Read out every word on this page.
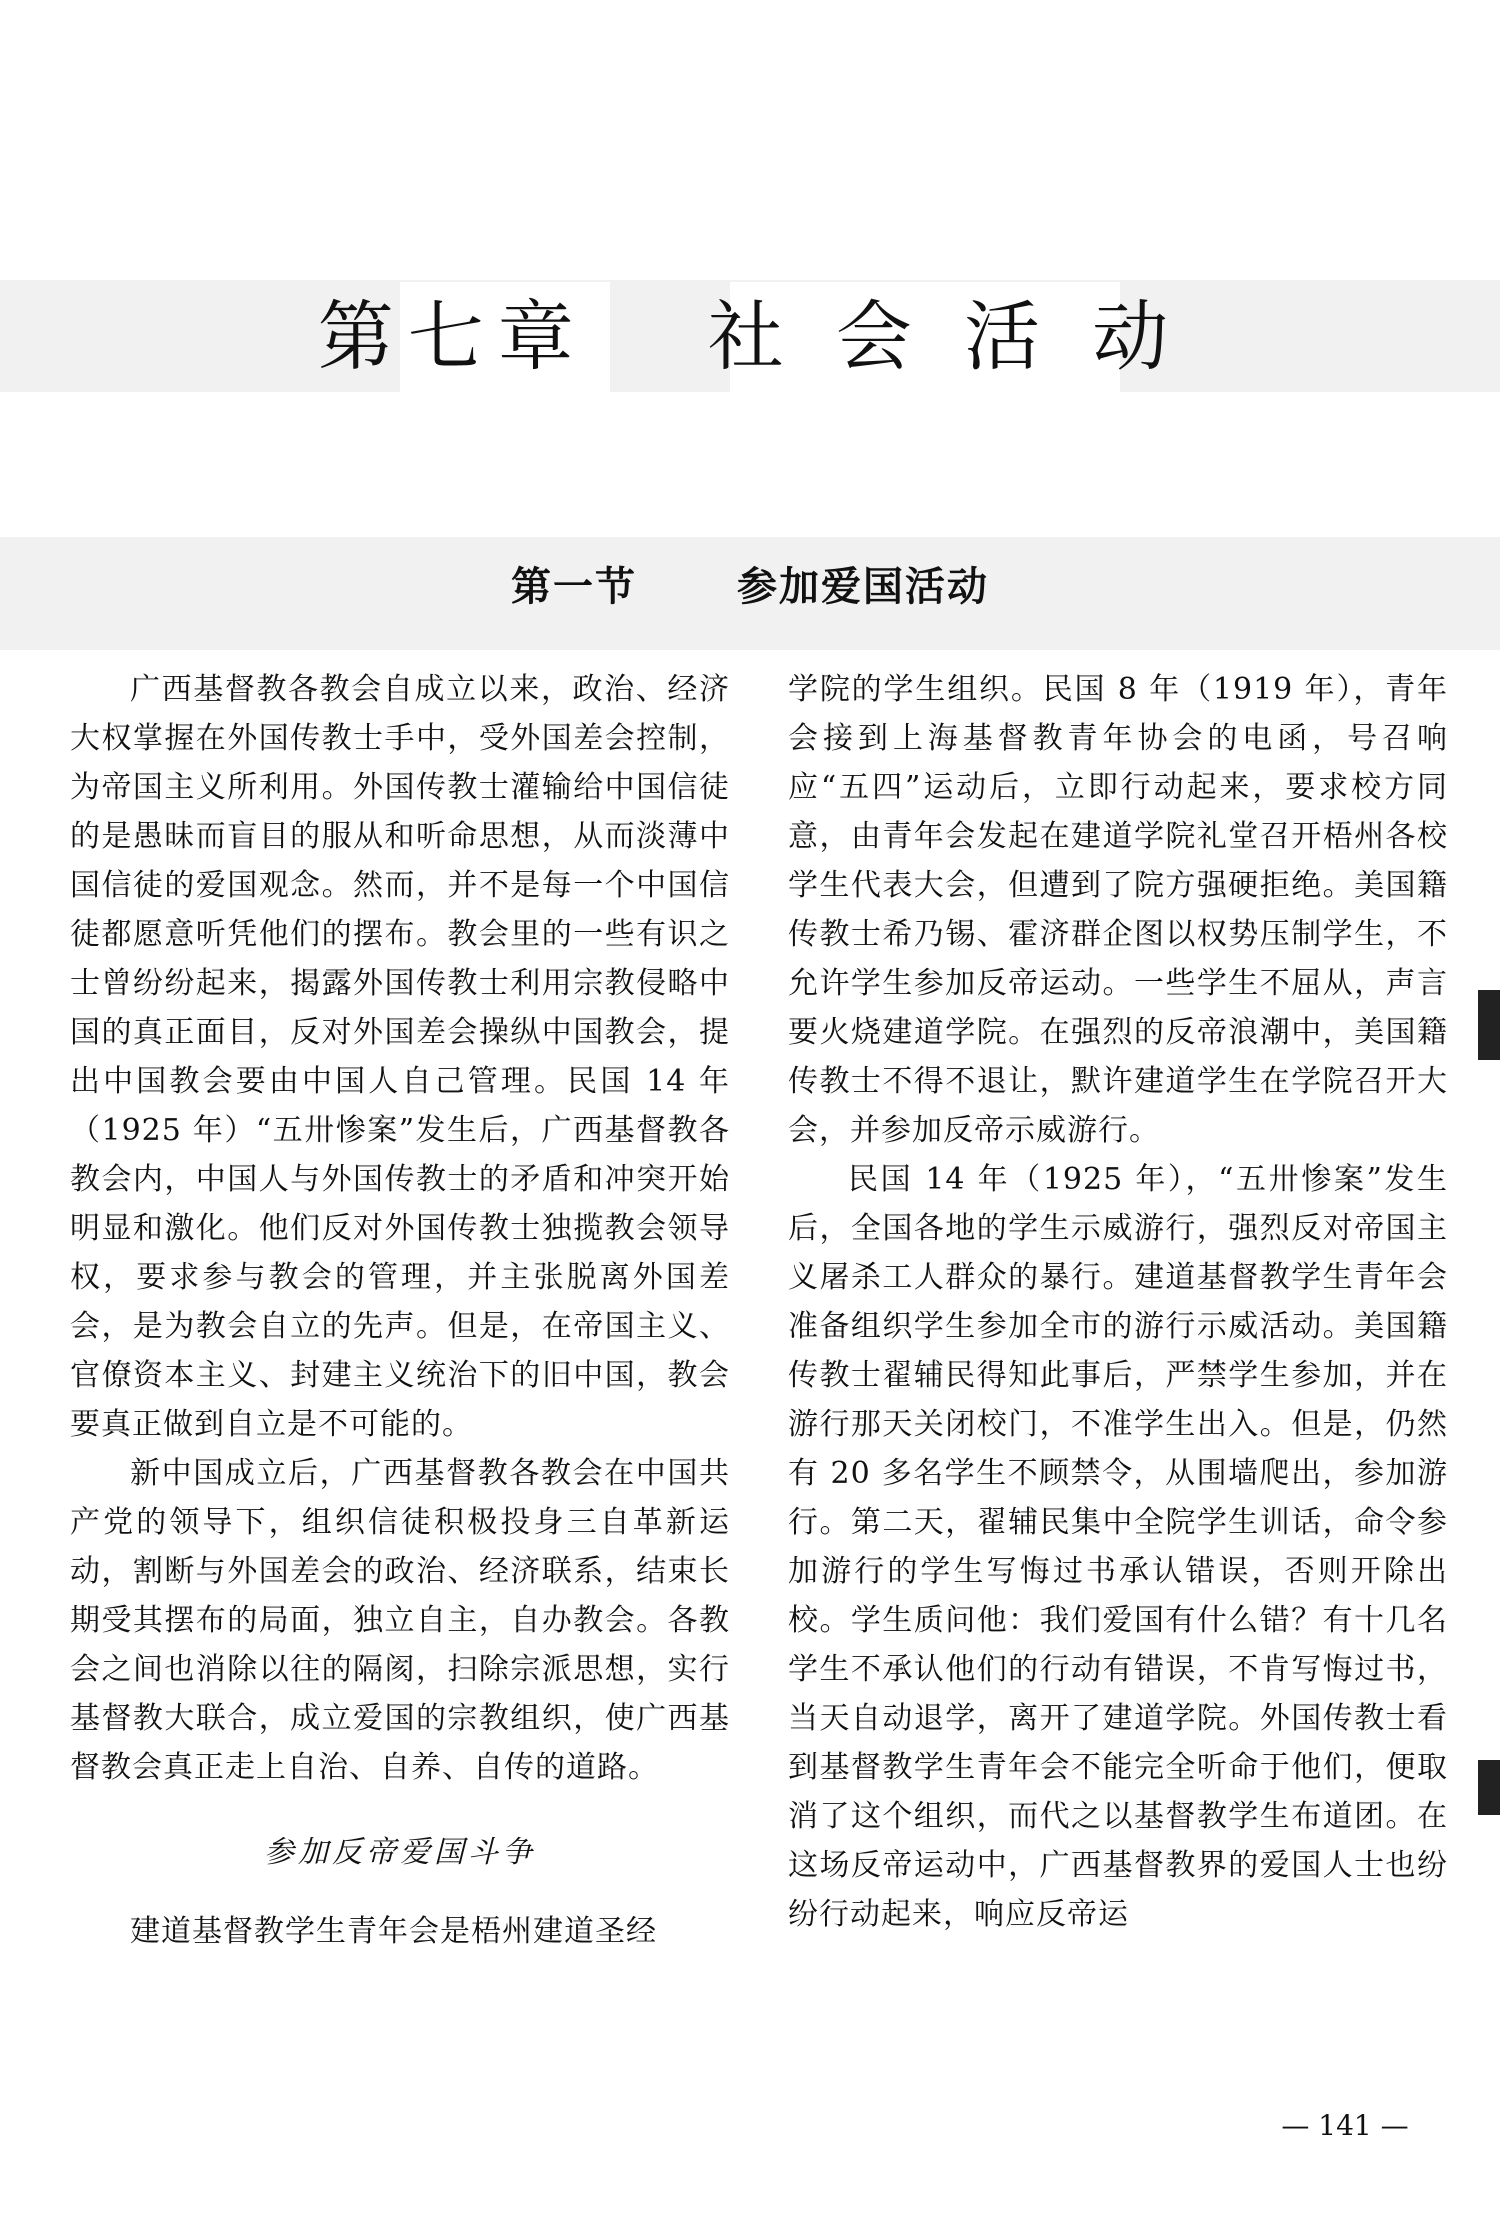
第七章 社 会 活 动
第一节	参加爱国活动

广西基督教各教会自成立以来，政治、经济大权掌握在外国传教士手中，受外国差会控制，为帝国主义所利用。外国传教士灌输给中国信徒的是愚昧而盲目的服从和听命思想，从而淡薄中国信徒的爱国观念。然而，并不是每一个中国信徒都愿意听凭他们的摆布。教会里的一些有识之士曾纷纷起来，揭露外国传教士利用宗教侵略中国的真正面目，反对外国差会操纵中国教会，提出中国教会要由中国人自己管理。民国 14 年（1925 年）“五卅惨案”发生后，广西基督教各教会内，中国人与外国传教士的矛盾和冲突开始明显和激化。他们反对外国传教士独揽教会领导权，要求参与教会的管理，并主张脱离外国差会，是为教会自立的先声。但是，在帝国主义、官僚资本主义、封建主义统治下的旧中国，教会要真正做到自立是不可能的。

新中国成立后，广西基督教各教会在中国共产党的领导下，组织信徒积极投身三自革新运动，割断与外国差会的政治、经济联系，结束长期受其摆布的局面，独立自主，自办教会。各教会之间也消除以往的隔阂，扫除宗派思想，实行基督教大联合，成立爱国的宗教组织，使广西基督教会真正走上自治、自养、自传的道路。

参加反帝爱国斗争

建道基督教学生青年会是梧州建道圣经

学院的学生组织。民国 8 年（1919 年），青年会接到上海基督教青年协会的电函，号召响应“五四”运动后，立即行动起来，要求校方同意，由青年会发起在建道学院礼堂召开梧州各校学生代表大会，但遭到了院方强硬拒绝。美国籍传教士希乃锡、霍济群企图以权势压制学生，不允许学生参加反帝运动。一些学生不屈从，声言要火烧建道学院。在强烈的反帝浪潮中，美国籍传教士不得不退让，默许建道学生在学院召开大会，并参加反帝示威游行。

民国 14 年（1925 年），“五卅惨案”发生后，全国各地的学生示威游行，强烈反对帝国主义屠杀工人群众的暴行。建道基督教学生青年会准备组织学生参加全市的游行示威活动。美国籍传教士翟辅民得知此事后，严禁学生参加，并在游行那天关闭校门，不准学生出入。但是，仍然有 20 多名学生不顾禁令，从围墙爬出，参加游行。第二天，翟辅民集中全院学生训话，命令参加游行的学生写悔过书承认错误，否则开除出校。学生质问他：我们爱国有什么错？有十几名学生不承认他们的行动有错误，不肯写悔过书，当天自动退学，离开了建道学院。外国传教士看到基督教学生青年会不能完全听命于他们，便取消了这个组织，而代之以基督教学生布道团。在这场反帝运动中，广西基督教界的爱国人士也纷纷行动起来，响应反帝运

— 141 —
